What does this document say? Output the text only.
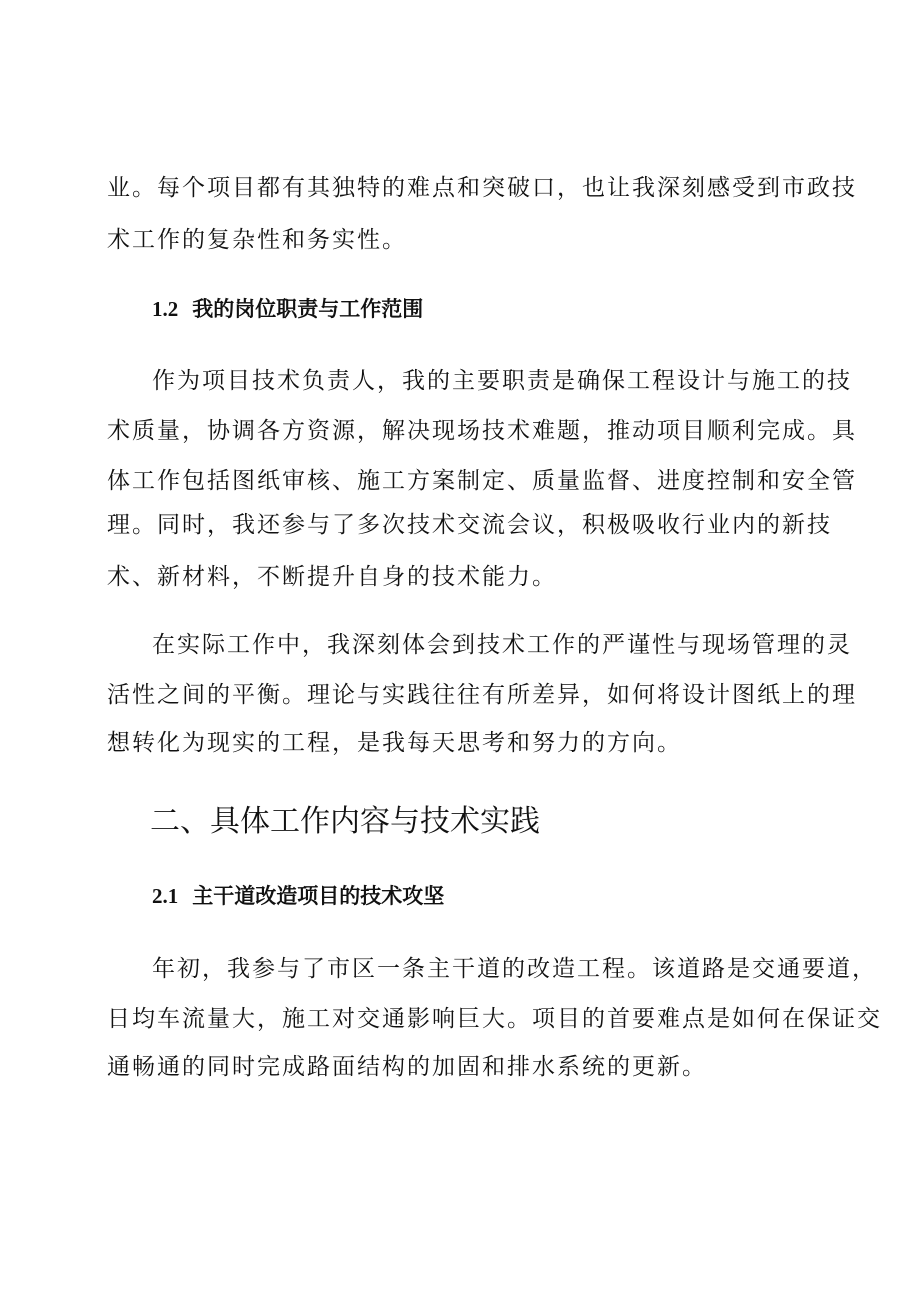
业。每个项目都有其独特的难点和突破口，也让我深刻感受到市政技
术工作的复杂性和务实性。
1.2 我的岗位职责与工作范围
作为项目技术负责人，我的主要职责是确保工程设计与施工的技
术质量，协调各方资源，解决现场技术难题，推动项目顺利完成。具
体工作包括图纸审核、施工方案制定、质量监督、进度控制和安全管
理。同时，我还参与了多次技术交流会议，积极吸收行业内的新技
术、新材料，不断提升自身的技术能力。
在实际工作中，我深刻体会到技术工作的严谨性与现场管理的灵
活性之间的平衡。理论与实践往往有所差异，如何将设计图纸上的理
想转化为现实的工程，是我每天思考和努力的方向。
二、具体工作内容与技术实践
2.1 主干道改造项目的技术攻坚
年初，我参与了市区一条主干道的改造工程。该道路是交通要道，
日均车流量大，施工对交通影响巨大。项目的首要难点是如何在保证交
通畅通的同时完成路面结构的加固和排水系统的更新。
